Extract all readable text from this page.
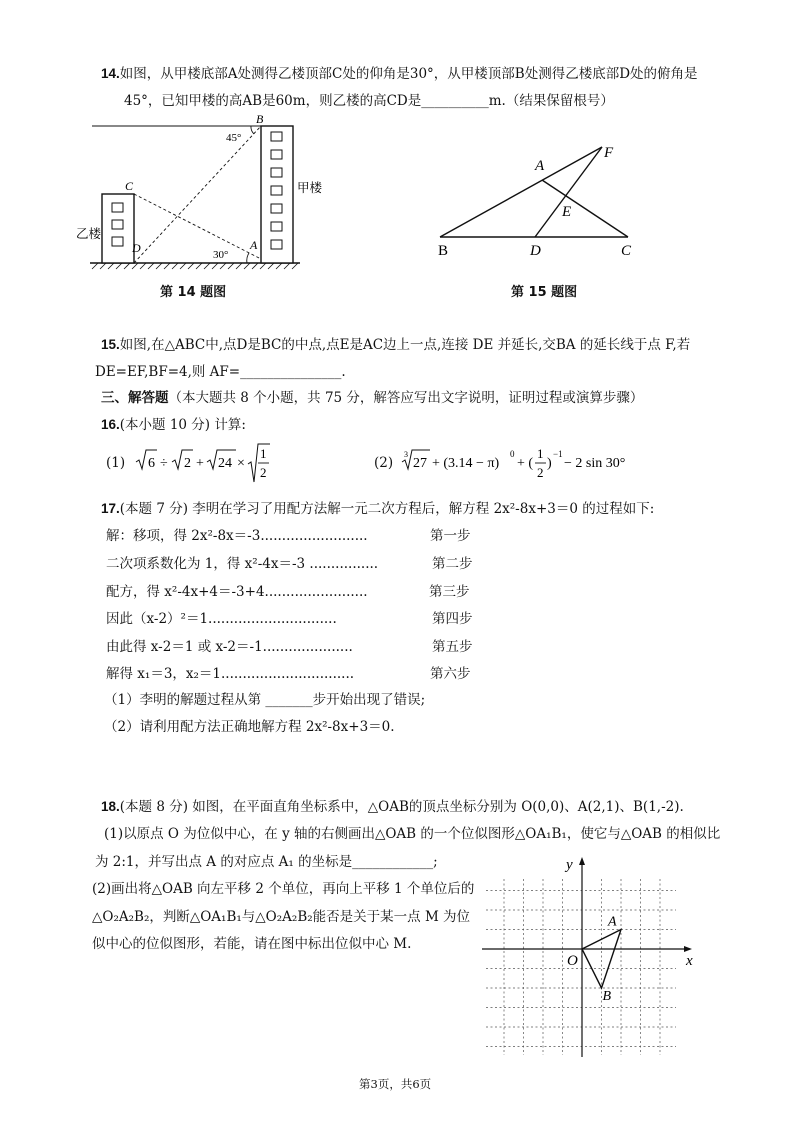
14.如图，从甲楼底部A处测得乙楼顶部C处的仰角是30°，从甲楼顶部B处测得乙楼底部D处的俯角是
45°，已知甲楼的高AB是60m，则乙楼的高CD是__________m.（结果保留根号）
B
C
D	A
45°
30°
甲楼
乙楼
第 14 题图
A
F
E
B	D	C
第 15 题图
15.如图,在△ABC中,点D是BC的中点,点E是AC边上一点,连接 DE 并延长,交BA 的延长线于点 F,若
DE=EF,BF=4,则 AF=_______________.
三、解答题（本大题共 8 个小题，共 75 分，解答应写出文字说明，证明过程或演算步骤）
16.(本小题 10 分) 计算:
(1) 6 ÷ 2 + 24 ×
1
2
(2)
3
27 + (3.14 − π)
0
+ (
1
2
)
−1
− 2 sin 30°
17.(本题 7 分) 李明在学习了用配方法解一元二次方程后，解方程 2x²-8x+3＝0 的过程如下:
解：移项，得 2x²-8x＝-3.........................	第一步
二次项系数化为 1，得 x²-4x＝-3 ................	第二步
配方，得 x²-4x+4＝-3+4........................	第三步
因此（x-2）²＝1..............................	第四步
由此得 x-2＝1 或 x-2＝-1.....................	第五步
解得 x₁＝3，x₂＝1...............................	第六步
（1）李明的解题过程从第 _______步开始出现了错误;
（2）请利用配方法正确地解方程 2x²-8x+3＝0.
18.(本题 8 分) 如图，在平面直角坐标系中，△OAB的顶点坐标分别为 O(0,0)、A(2,1)、B(1,-2).
(1)以原点 O 为位似中心，在 y 轴的右侧画出△OAB 的一个位似图形△OA₁B₁，使它与△OAB 的相似比
为 2:1，并写出点 A 的对应点 A₁ 的坐标是____________;
(2)画出将△OAB 向左平移 2 个单位，再向上平移 1 个单位后的
△O₂A₂B₂，判断△OA₁B₁与△O₂A₂B₂能否是关于某一点 M 为位
似中心的位似图形，若能，请在图中标出位似中心 M.
y
x
O
A
B
第3页，共6页
